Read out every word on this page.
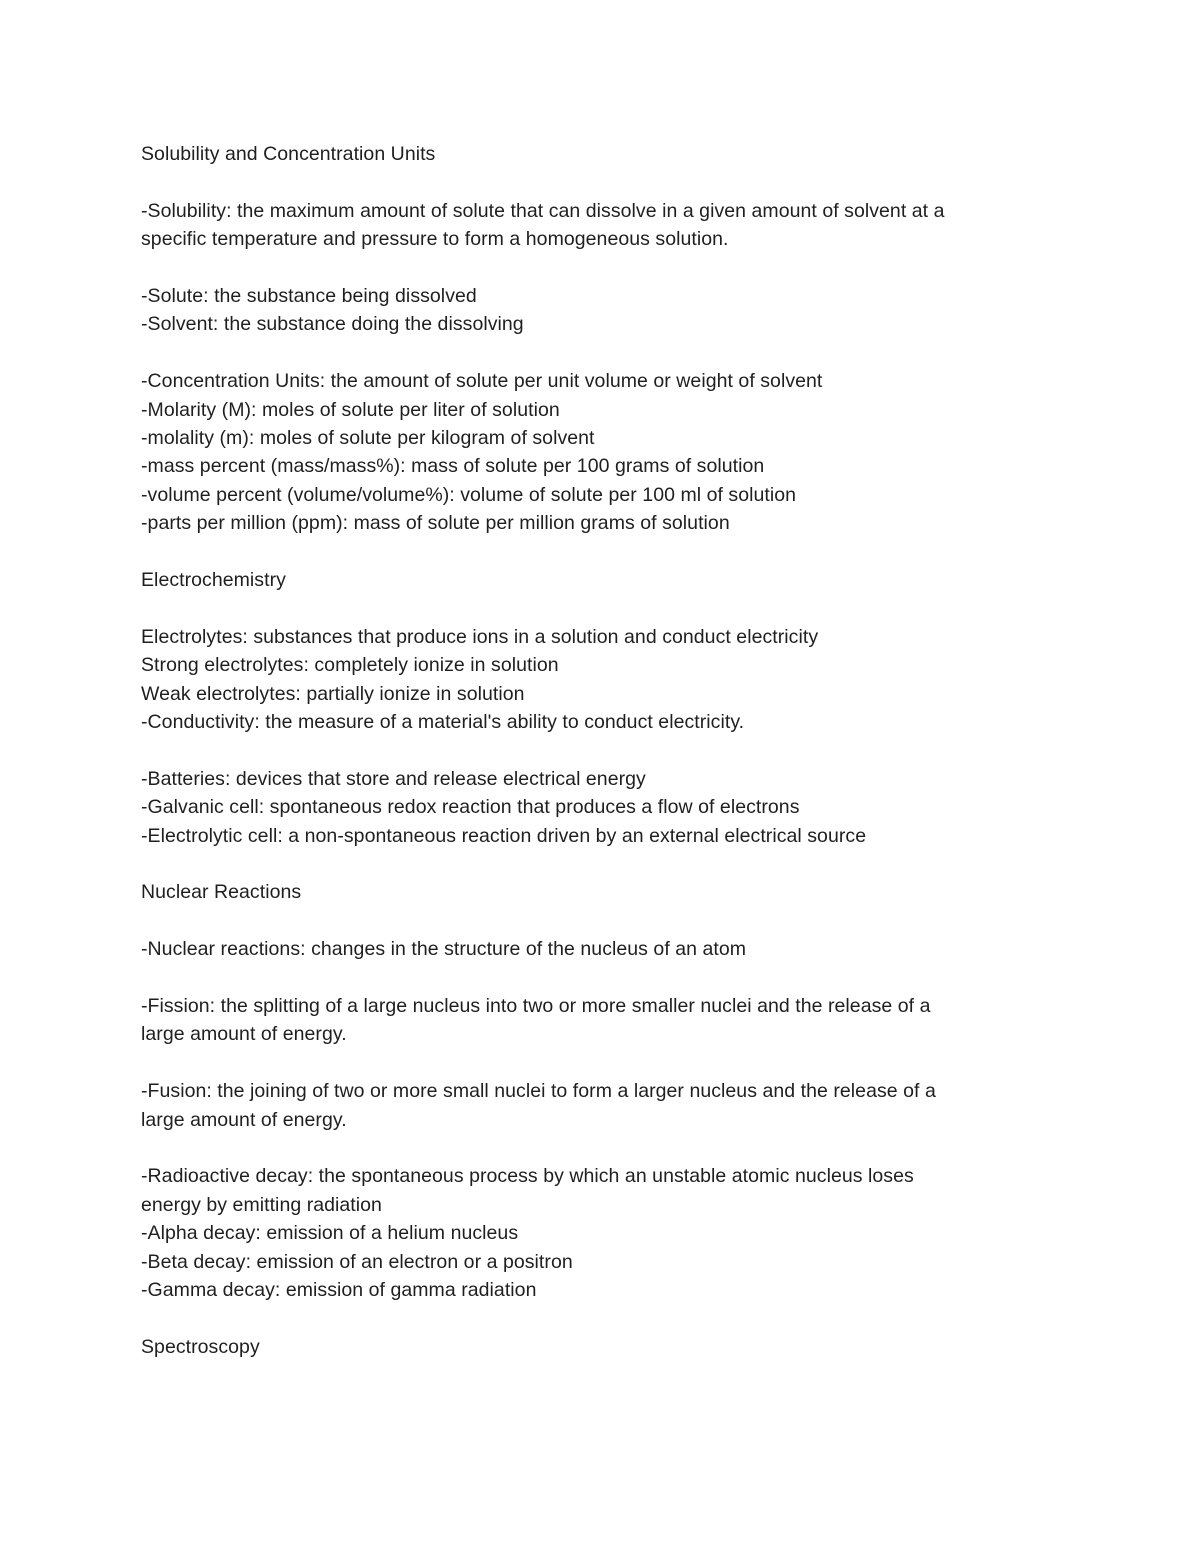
Solubility and Concentration Units
-Solubility: the maximum amount of solute that can dissolve in a given amount of solvent at a
specific temperature and pressure to form a homogeneous solution.
-Solute: the substance being dissolved
-Solvent: the substance doing the dissolving
-Concentration Units: the amount of solute per unit volume or weight of solvent
-Molarity (M): moles of solute per liter of solution
-molality (m): moles of solute per kilogram of solvent
-mass percent (mass/mass%): mass of solute per 100 grams of solution
-volume percent (volume/volume%): volume of solute per 100 ml of solution
-parts per million (ppm): mass of solute per million grams of solution
Electrochemistry
Electrolytes: substances that produce ions in a solution and conduct electricity
Strong electrolytes: completely ionize in solution
Weak electrolytes: partially ionize in solution
-Conductivity: the measure of a material's ability to conduct electricity.
-Batteries: devices that store and release electrical energy
-Galvanic cell: spontaneous redox reaction that produces a flow of electrons
-Electrolytic cell: a non-spontaneous reaction driven by an external electrical source
Nuclear Reactions
-Nuclear reactions: changes in the structure of the nucleus of an atom
-Fission: the splitting of a large nucleus into two or more smaller nuclei and the release of a
large amount of energy.
-Fusion: the joining of two or more small nuclei to form a larger nucleus and the release of a
large amount of energy.
-Radioactive decay: the spontaneous process by which an unstable atomic nucleus loses
energy by emitting radiation
-Alpha decay: emission of a helium nucleus
-Beta decay: emission of an electron or a positron
-Gamma decay: emission of gamma radiation
Spectroscopy
